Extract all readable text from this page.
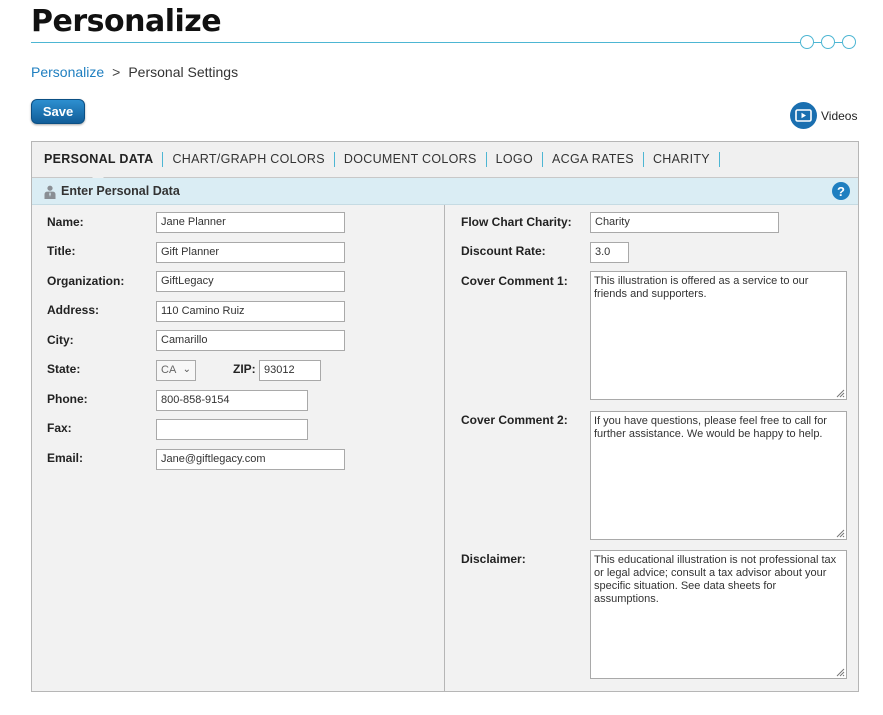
Personalize
Personalize > Personal Settings
Save	Videos
PERSONAL DATA	CHART/GRAPH COLORS	DOCUMENT COLORS	LOGO	ACGA RATES	CHARITY
Enter Personal Data	?
Name:	Jane Planner
Title:	Gift Planner
Organization:	GiftLegacy
Address:	110 Camino Ruiz
City:	Camarillo
State:	CA ⌄	ZIP: 93012
Phone:	800-858-9154
Fax:
Email:	Jane@giftlegacy.com
Flow Chart Charity:	Charity
Discount Rate:	3.0
Cover Comment 1:	This illustration is offered as a service to our friends and supporters.
Cover Comment 2:	If you have questions, please feel free to call for further assistance. We would be happy to help.
Disclaimer:	This educational illustration is not professional tax or legal advice; consult a tax advisor about your specific situation. See data sheets for assumptions.
